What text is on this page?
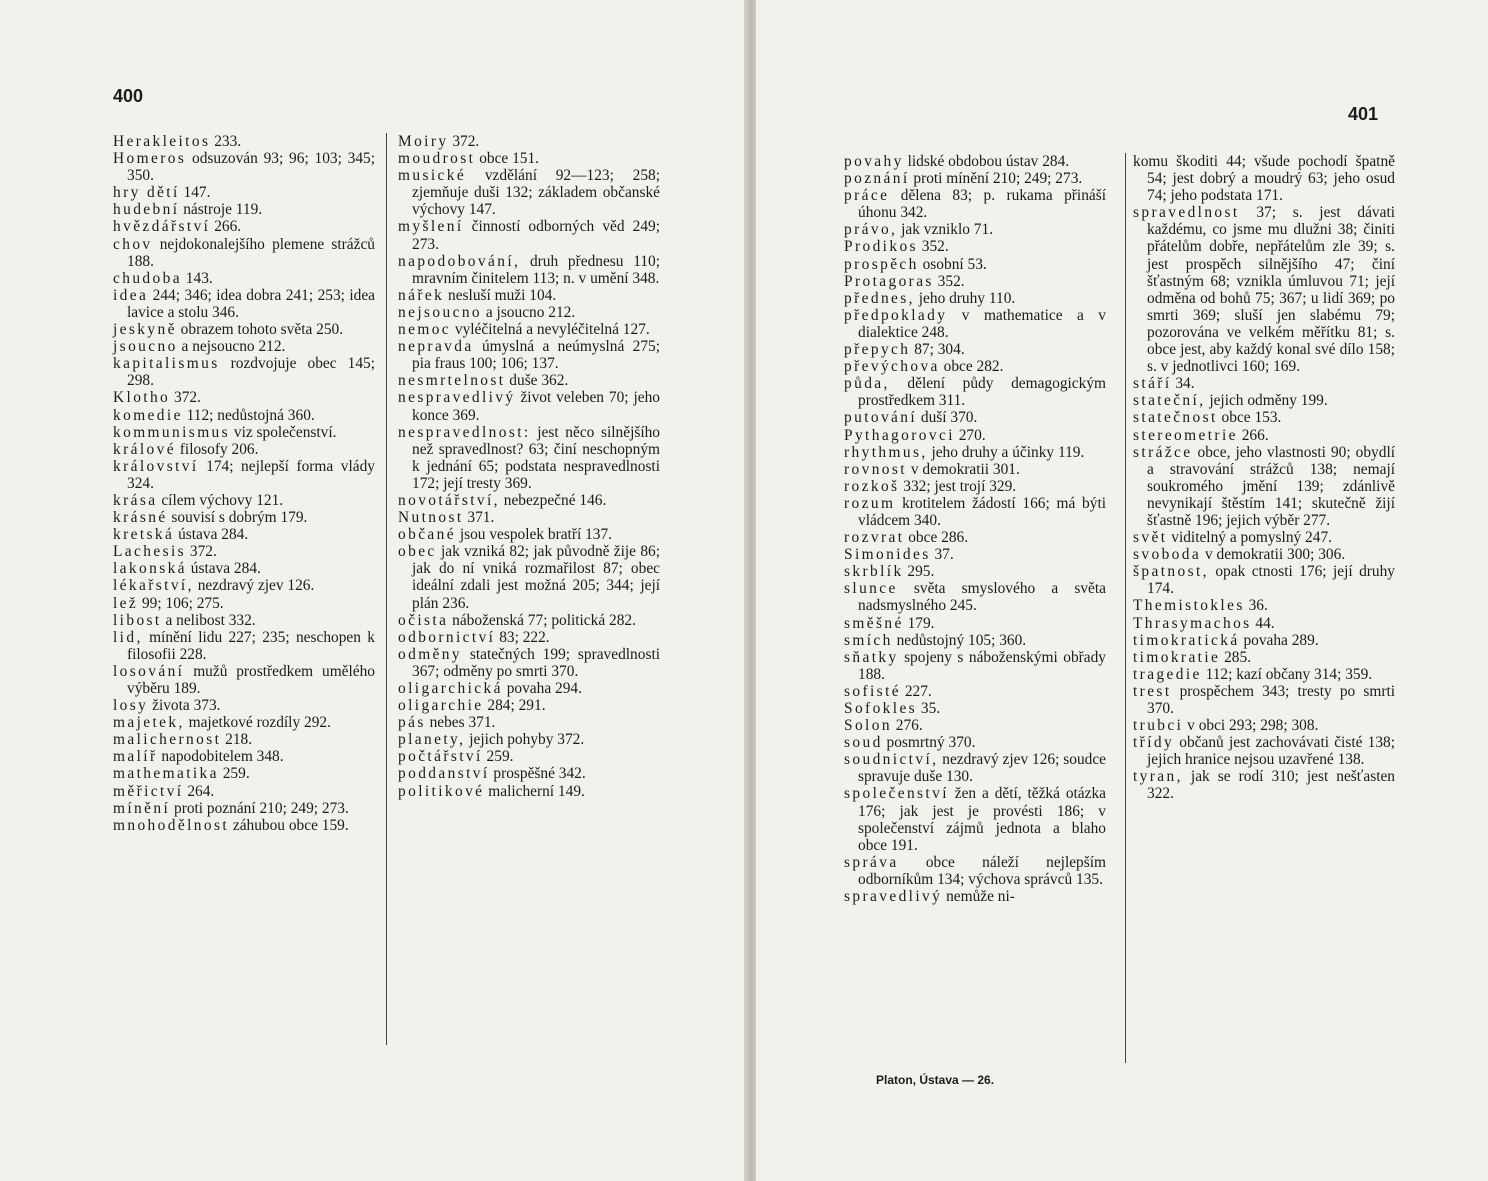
400
Herakleitos 233.
Homeros odsuzován 93; 96; 103; 345; 350.
hry dětí 147.
hudební nástroje 119.
hvězdářství 266.
chov nejdokonalejšího plemene strážců 188.
chudoba 143.
idea 244; 346; idea dobra 241; 253; idea lavice a stolu 346.
jeskyně obrazem tohoto světa 250.
jsoucno a nejsoucno 212.
kapitalismus rozdvojuje obec 145; 298.
Klotho 372.
komedie 112; nedůstojná 360.
kommunismus viz společenství.
králové filosofy 206.
království 174; nejlepší forma vlády 324.
krása cílem výchovy 121.
krásné souvisí s dobrým 179.
kretská ústava 284.
Lachesis 372.
lakonská ústava 284.
lékařství, nezdravý zjev 126.
lež 99; 106; 275.
libost a nelibost 332.
lid, mínění lidu 227; 235; neschopen k filosofii 228.
losování mužů prostředkem umělého výběru 189.
losy života 373.
majetek, majetkové rozdíly 292.
malichernost 218.
malíř napodobitelem 348.
mathematika 259.
měřictví 264.
mínění proti poznání 210; 249; 273.
mnohodělnost záhubou obce 159.
Moiry 372.
moudrost obce 151.
musické vzdělání 92—123; 258; zjemňuje duši 132; základem občanské výchovy 147.
myšlení činností odborných věd 249; 273.
napodobování, druh přednesu 110; mravním činitelem 113; n. v umění 348.
nářek nesluší muži 104.
nejsoucno a jsoucno 212.
nemoc vyléčitelná a nevyléčitelná 127.
nepravda úmyslná a neúmyslná 275; pia fraus 100; 106; 137.
nesmrtelnost duše 362.
nespravedlivý život veleben 70; jeho konce 369.
nespravedlnost: jest něco silnějšího než spravedlnost? 63; činí neschopným k jednání 65; podstata nespravedlnosti 172; její tresty 369.
novotářství, nebezpečné 146.
Nutnost 371.
občané jsou vespolek bratří 137.
obec jak vzniká 82; jak původně žije 86; jak do ní vniká rozmařilost 87; obec ideální zdali jest možná 205; 344; její plán 236.
očista náboženská 77; politická 282.
odbornictví 83; 222.
odměny statečných 199; spravedlnosti 367; odměny po smrti 370.
oligarchická povaha 294.
oligarchie 284; 291.
pás nebes 371.
planety, jejich pohyby 372.
počtářství 259.
poddanství prospěšné 342.
politikové malicherní 149.
401
povahy lidské obdobou ústav 284.
poznání proti mínění 210; 249; 273.
práce dělena 83; p. rukama přináší úhonu 342.
právo, jak vzniklo 71.
Prodikos 352.
prospěch osobní 53.
Protagoras 352.
přednes, jeho druhy 110.
předpoklady v mathematice a v dialektice 248.
přepych 87; 304.
převýchova obce 282.
půda, dělení půdy demagogickým prostředkem 311.
putování duší 370.
Pythagorovci 270.
rhythmus, jeho druhy a účinky 119.
rovnost v demokratii 301.
rozkoš 332; jest trojí 329.
rozum krotitelem žádostí 166; má býti vládcem 340.
rozvrat obce 286.
Simonides 37.
skrblík 295.
slunce světa smyslového a světa nadsmyslného 245.
směšné 179.
smích nedůstojný 105; 360.
sňatky spojeny s náboženskými obřady 188.
sofisté 227.
Sofokles 35.
Solon 276.
soud posmrtný 370.
soudnictví, nezdravý zjev 126; soudce spravuje duše 130.
společenství žen a dětí, těžká otázka 176; jak jest je provésti 186; v společenství zájmů jednota a blaho obce 191.
správa obce náleží nejlepším odborníkům 134; výchova správců 135.
spravedlivý nemůže ni-
komu škoditi 44; všude pochodí špatně 54; jest dobrý a moudrý 63; jeho osud 74; jeho podstata 171.
spravedlnost 37; s. jest dávati každému, co jsme mu dlužni 38; činiti přátelům dobře, nepřátelům zle 39; s. jest prospěch silnějšího 47; činí šťastným 68; vznikla úmluvou 71; její odměna od bohů 75; 367; u lidí 369; po smrti 369; sluší jen slabému 79; pozorována ve velkém měřítku 81; s. obce jest, aby každý konal své dílo 158; s. v jednotlivci 160; 169.
stáří 34.
stateční, jejich odměny 199.
statečnost obce 153.
stereometrie 266.
strážce obce, jeho vlastnosti 90; obydlí a stravování strážců 138; nemají soukromého jmění 139; zdánlivě nevynikají štěstím 141; skutečně žijí šťastně 196; jejich výběr 277.
svět viditelný a pomyslný 247.
svoboda v demokratii 300; 306.
špatnost, opak ctnosti 176; její druhy 174.
Themistokles 36.
Thrasymachos 44.
timokratická povaha 289.
timokratie 285.
tragedie 112; kazí občany 314; 359.
trest prospěchem 343; tresty po smrti 370.
trubci v obci 293; 298; 308.
třídy občanů jest zachovávati čisté 138; jejich hranice nejsou uzavřené 138.
tyran, jak se rodí 310; jest nešťasten 322.
Platon, Ústava — 26.
